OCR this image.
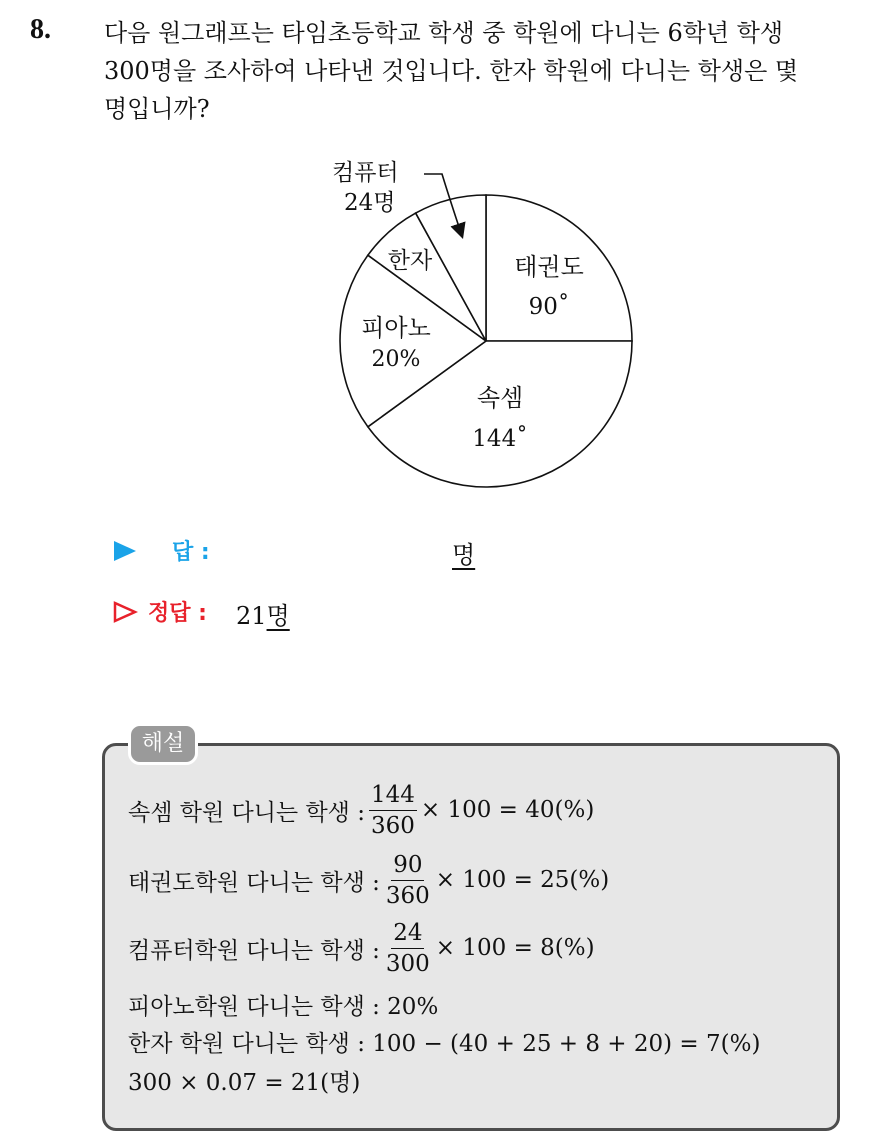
8. 다음 원그래프는 타임초등학교 학생 중 학원에 다니는 6학년 학생
300명을 조사하여 나타낸 것입니다. 한자 학원에 다니는 학생은 몇
명입니까?
컴퓨터
24명
태권도
90˚
속셈
144˚
피아노
20%
한자
답 :	명
정답 : 21명
해설
속셈 학원 다니는 학생 : $\frac{144}{360} \times 100 = 40(\%)$
태권도학원 다니는 학생 : $\frac{90}{360} \times 100 = 25(\%)$
컴퓨터학원 다니는 학생 : $\frac{24}{300} \times 100 = 8(\%)$
피아노학원 다니는 학생 : 20%
한자 학원 다니는 학생 : 100 − (40 + 25 + 8 + 20) = 7(%)
300 × 0.07 = 21(명)
